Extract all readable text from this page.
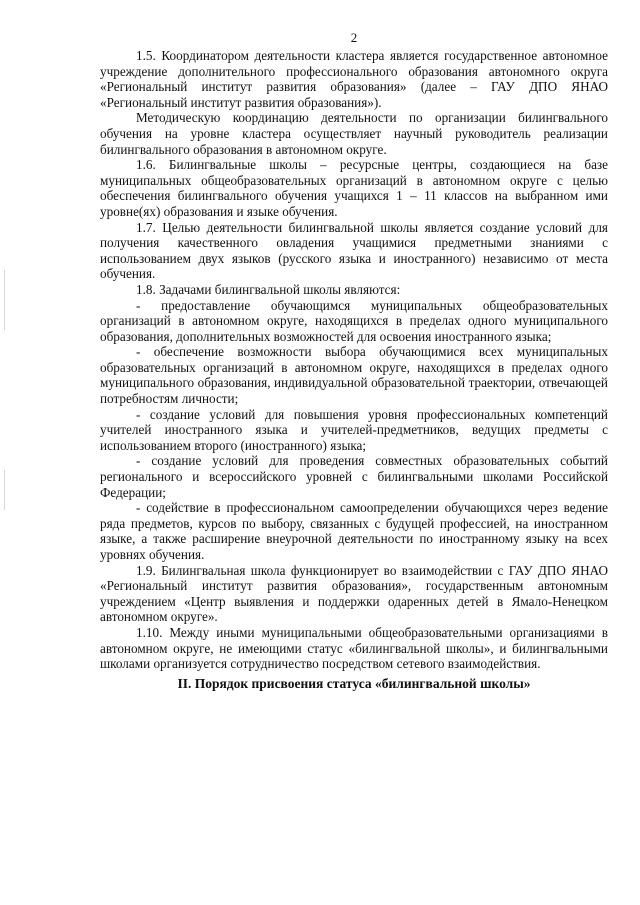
2

1.5. Координатором деятельности кластера является государственное автономное учреждение дополнительного профессионального образования автономного округа «Региональный институт развития образования» (далее – ГАУ ДПО ЯНАО «Региональный институт развития образования»).

Методическую координацию деятельности по организации билингвального обучения на уровне кластера осуществляет научный руководитель реализации билингвального образования в автономном округе.

1.6. Билингвальные школы – ресурсные центры, создающиеся на базе муниципальных общеобразовательных организаций в автономном округе с целью обеспечения билингвального обучения учащихся 1 – 11 классов на выбранном ими уровне(ях) образования и языке обучения.

1.7. Целью деятельности билингвальной школы является создание условий для получения качественного овладения учащимися предметными знаниями с использованием двух языков (русского языка и иностранного) независимо от места обучения.

1.8. Задачами билингвальной школы являются:

- предоставление обучающимся муниципальных общеобразовательных организаций в автономном округе, находящихся в пределах одного муниципального образования, дополнительных возможностей для освоения иностранного языка;

- обеспечение возможности выбора обучающимися всех муниципальных образовательных организаций в автономном округе, находящихся в пределах одного муниципального образования, индивидуальной образовательной траектории, отвечающей потребностям личности;

- создание условий для повышения уровня профессиональных компетенций учителей иностранного языка и учителей-предметников, ведущих предметы с использованием второго (иностранного) языка;

- создание условий для проведения совместных образовательных событий регионального и всероссийского уровней с билингвальными школами Российской Федерации;

- содействие в профессиональном самоопределении обучающихся через ведение ряда предметов, курсов по выбору, связанных с будущей профессией, на иностранном языке, а также расширение внеурочной деятельности по иностранному языку на всех уровнях обучения.

1.9. Билингвальная школа функционирует во взаимодействии с ГАУ ДПО ЯНАО «Региональный институт развития образования», государственным автономным учреждением «Центр выявления и поддержки одаренных детей в Ямало-Ненецком автономном округе».

1.10. Между иными муниципальными общеобразовательными организациями в автономном округе, не имеющими статус «билингвальной школы», и билингвальными школами организуется сотрудничество посредством сетевого взаимодействия.

II. Порядок присвоения статуса «билингвальной школы»
